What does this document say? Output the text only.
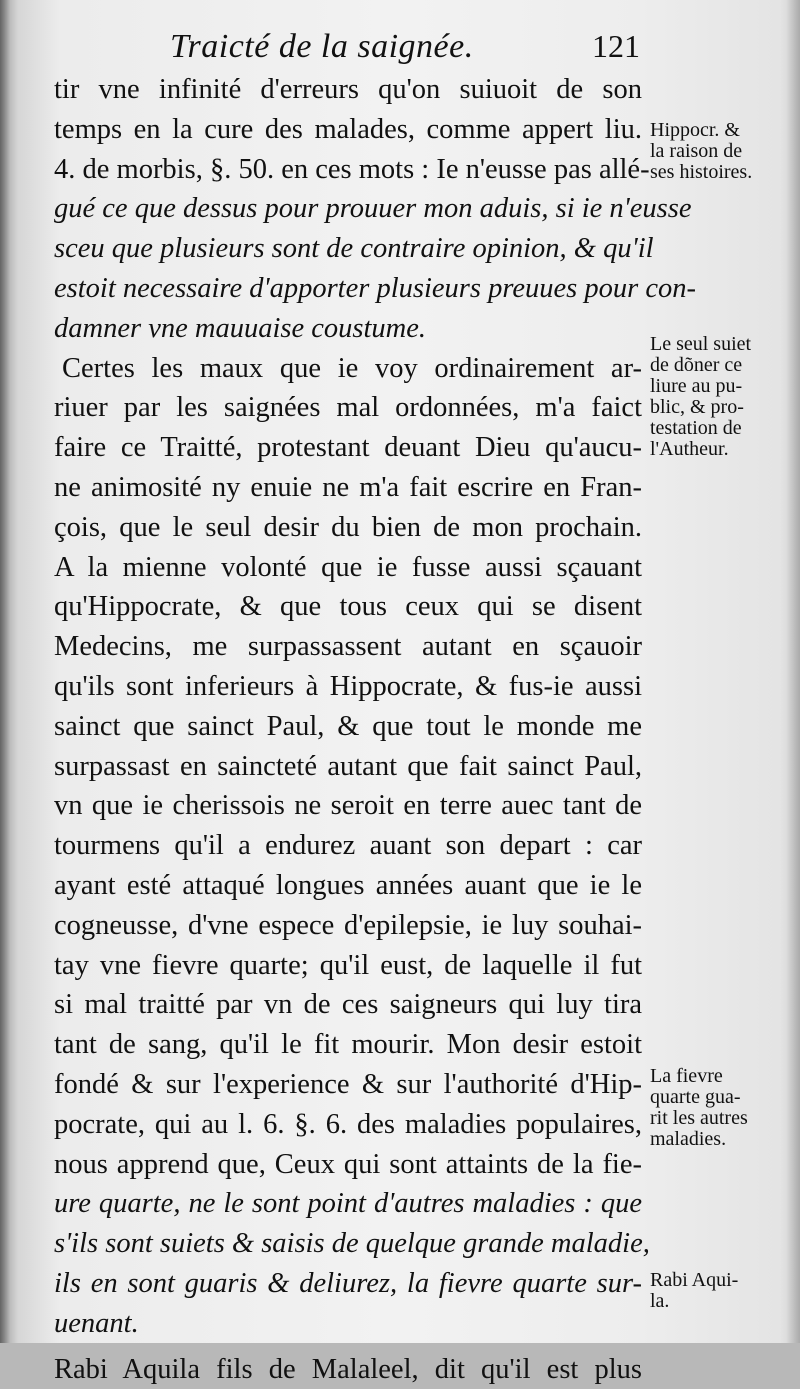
Traicté de la saignée.	121
tir vne infinité d'erreurs qu'on suiuoit de son
temps en la cure des malades, comme appert liu.
4. de morbis, §. 50. en ces mots : Ie n'eusse pas allé-
gué ce que dessus pour prouuer mon aduis, si ie n'eusse
sceu que plusieurs sont de contraire opinion, & qu'il
estoit necessaire d'apporter plusieurs preuues pour con-
damner vne mauuaise coustume.
Certes les maux que ie voy ordinairement ar-
riuer par les saignées mal ordonnées, m'a faict
faire ce Traitté, protestant deuant Dieu qu'aucu-
ne animosité ny enuie ne m'a fait escrire en Fran-
çois, que le seul desir du bien de mon prochain.
A la mienne volonté que ie fusse aussi sçauant
qu'Hippocrate, & que tous ceux qui se disent
Medecins, me surpassassent autant en sçauoir
qu'ils sont inferieurs à Hippocrate, & fus-ie aussi
sainct que sainct Paul, & que tout le monde me
surpassast en saincteté autant que fait sainct Paul,
vn que ie cherissois ne seroit en terre auec tant de
tourmens qu'il a endurez auant son depart : car
ayant esté attaqué longues années auant que ie le
cogneusse, d'vne espece d'epilepsie, ie luy souhai-
tay vne fievre quarte; qu'il eust, de laquelle il fut
si mal traitté par vn de ces saigneurs qui luy tira
tant de sang, qu'il le fit mourir. Mon desir estoit
fondé & sur l'experience & sur l'authorité d'Hip-
pocrate, qui au l. 6. §. 6. des maladies populaires,
nous apprend que, Ceux qui sont attaints de la fie-
ure quarte, ne le sont point d'autres maladies : que
s'ils sont suiets & saisis de quelque grande maladie,
ils en sont guaris & deliurez, la fievre quarte sur-
uenant.
Rabi Aquila fils de Malaleel, dit qu'il est plus
Hippocr. &
la raison de
ses histoires.
Le seul suiet
de dõner ce
liure au pu-
blic, & pro-
testation de
l'Autheur.
La fievre
quarte gua-
rit les autres
maladies.
Rabi Aqui-
la.
